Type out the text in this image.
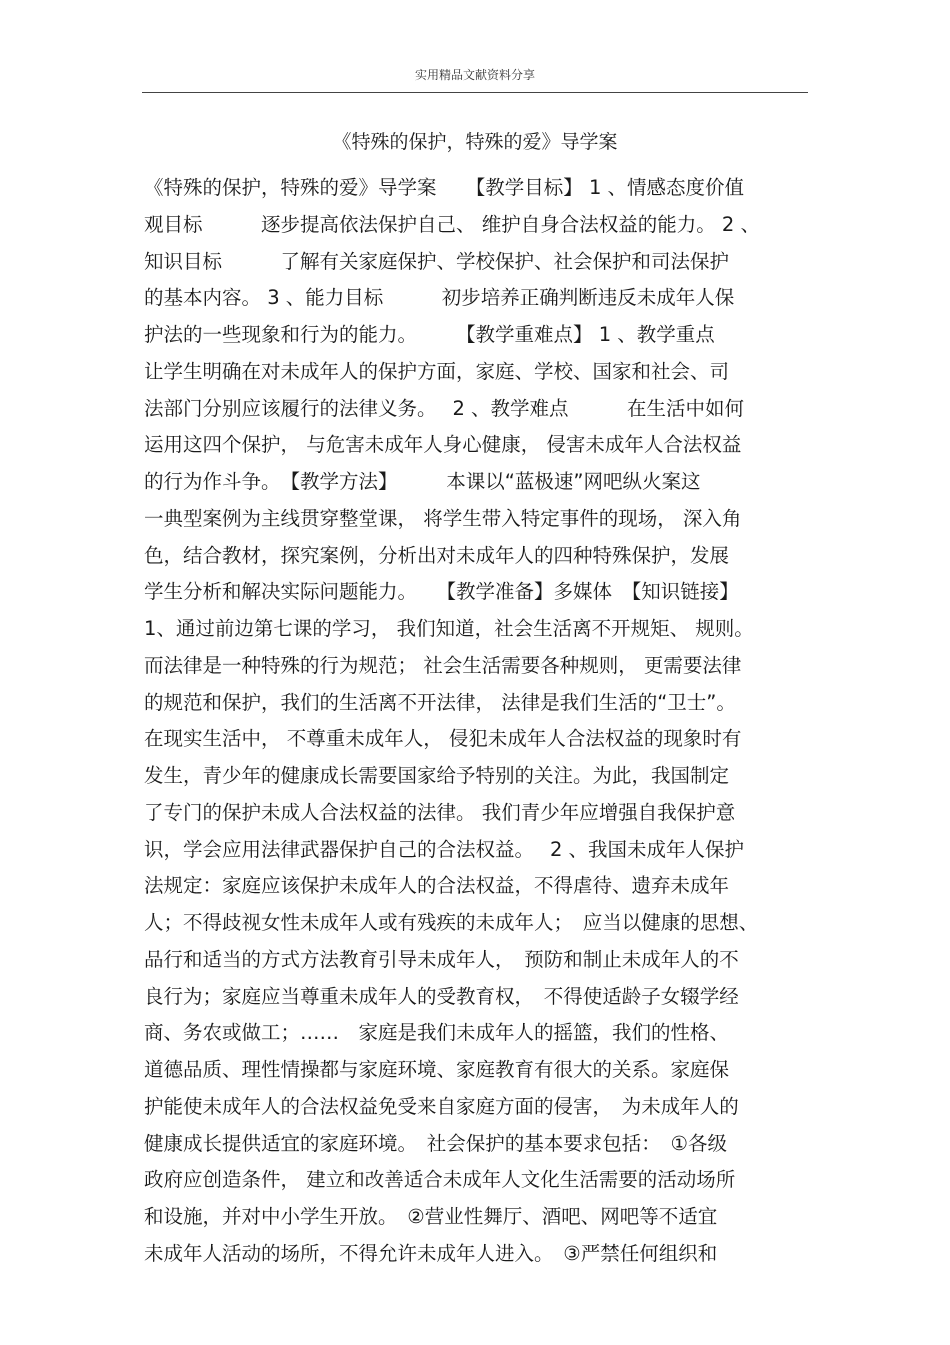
实用精品文献资料分享
《特殊的保护，特殊的爱》导学案
《特殊的保护，特殊的爱》导学案　　【教学目标】 1 、情感态度价值
观目标　　　逐步提高依法保护自己、 维护自身合法权益的能力。 2 、
知识目标　　　了解有关家庭保护、学校保护、社会保护和司法保护
的基本内容。 3 、能力目标　　　初步培养正确判断违反未成年人保
护法的一些现象和行为的能力。　　　【教学重难点】 1 、教学重点
让学生明确在对未成年人的保护方面，家庭、学校、国家和社会、司
法部门分别应该履行的法律义务。　 2 、教学难点　　　在生活中如何
运用这四个保护， 与危害未成年人身心健康， 侵害未成年人合法权益
的行为作斗争。　【教学方法】　　　本课以“蓝极速”网吧纵火案这
一典型案例为主线贯穿整堂课， 将学生带入特定事件的现场， 深入角
色，结合教材，探究案例，分析出对未成年人的四种特殊保护，发展
学生分析和解决实际问题能力。　　【教学准备】多媒体　【知识链接】
1、通过前边第七课的学习， 我们知道，社会生活离不开规矩、 规则。
而法律是一种特殊的行为规范； 社会生活需要各种规则， 更需要法律
的规范和保护，我们的生活离不开法律， 法律是我们生活的“卫士”。
在现实生活中， 不尊重未成年人， 侵犯未成年人合法权益的现象时有
发生，青少年的健康成长需要国家给予特别的关注。为此，我国制定
了专门的保护未成人合法权益的法律。 我们青少年应增强自我保护意
识，学会应用法律武器保护自己的合法权益。　 2 、我国未成年人保护
法规定：家庭应该保护未成年人的合法权益，不得虐待、遗弃未成年
人；不得歧视女性未成年人或有残疾的未成年人；　应当以健康的思想、
品行和适当的方式方法教育引导未成年人，　预防和制止未成年人的不
良行为；家庭应当尊重未成年人的受教育权，　不得使适龄子女辍学经
商、务农或做工；……　家庭是我们未成年人的摇篮，我们的性格、
道德品质、理性情操都与家庭环境、家庭教育有很大的关系。家庭保
护能使未成年人的合法权益免受来自家庭方面的侵害，　为未成年人的
健康成长提供适宜的家庭环境。　社会保护的基本要求包括：　①各级
政府应创造条件， 建立和改善适合未成年人文化生活需要的活动场所
和设施，并对中小学生开放。　②营业性舞厅、酒吧、网吧等不适宜
未成年人活动的场所，不得允许未成年人进入。　③严禁任何组织和
